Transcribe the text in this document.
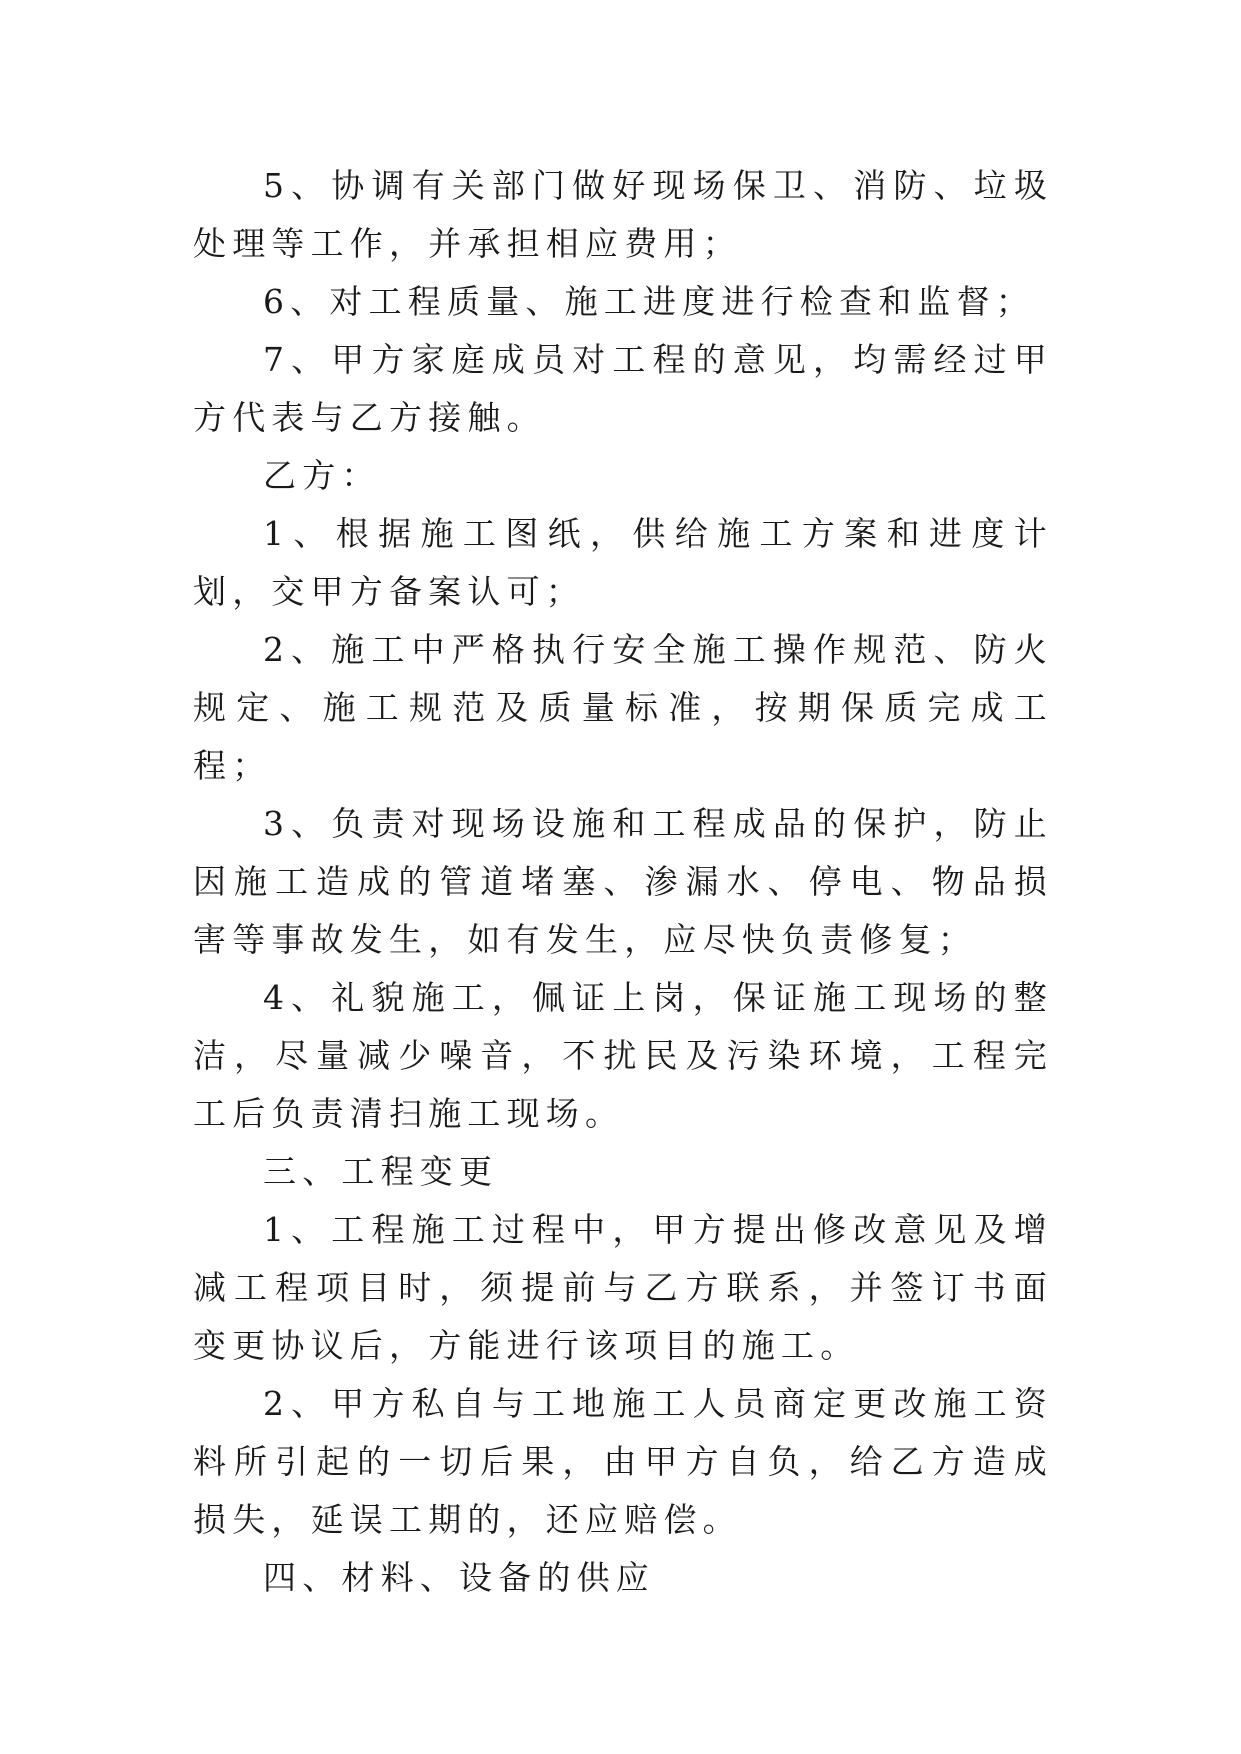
5、协调有关部门做好现场保卫、消防、垃圾处理等工作，并承担相应费用；

6、对工程质量、施工进度进行检查和监督；

7、甲方家庭成员对工程的意见，均需经过甲方代表与乙方接触。

乙方：

1、根据施工图纸，供给施工方案和进度计划，交甲方备案认可；

2、施工中严格执行安全施工操作规范、防火规定、施工规范及质量标准，按期保质完成工程；

3、负责对现场设施和工程成品的保护，防止因施工造成的管道堵塞、渗漏水、停电、物品损害等事故发生，如有发生，应尽快负责修复；

4、礼貌施工，佩证上岗，保证施工现场的整洁，尽量减少噪音，不扰民及污染环境，工程完工后负责清扫施工现场。

三、工程变更

1、工程施工过程中，甲方提出修改意见及增减工程项目时，须提前与乙方联系，并签订书面变更协议后，方能进行该项目的施工。

2、甲方私自与工地施工人员商定更改施工资料所引起的一切后果，由甲方自负，给乙方造成损失，延误工期的，还应赔偿。

四、材料、设备的供应
